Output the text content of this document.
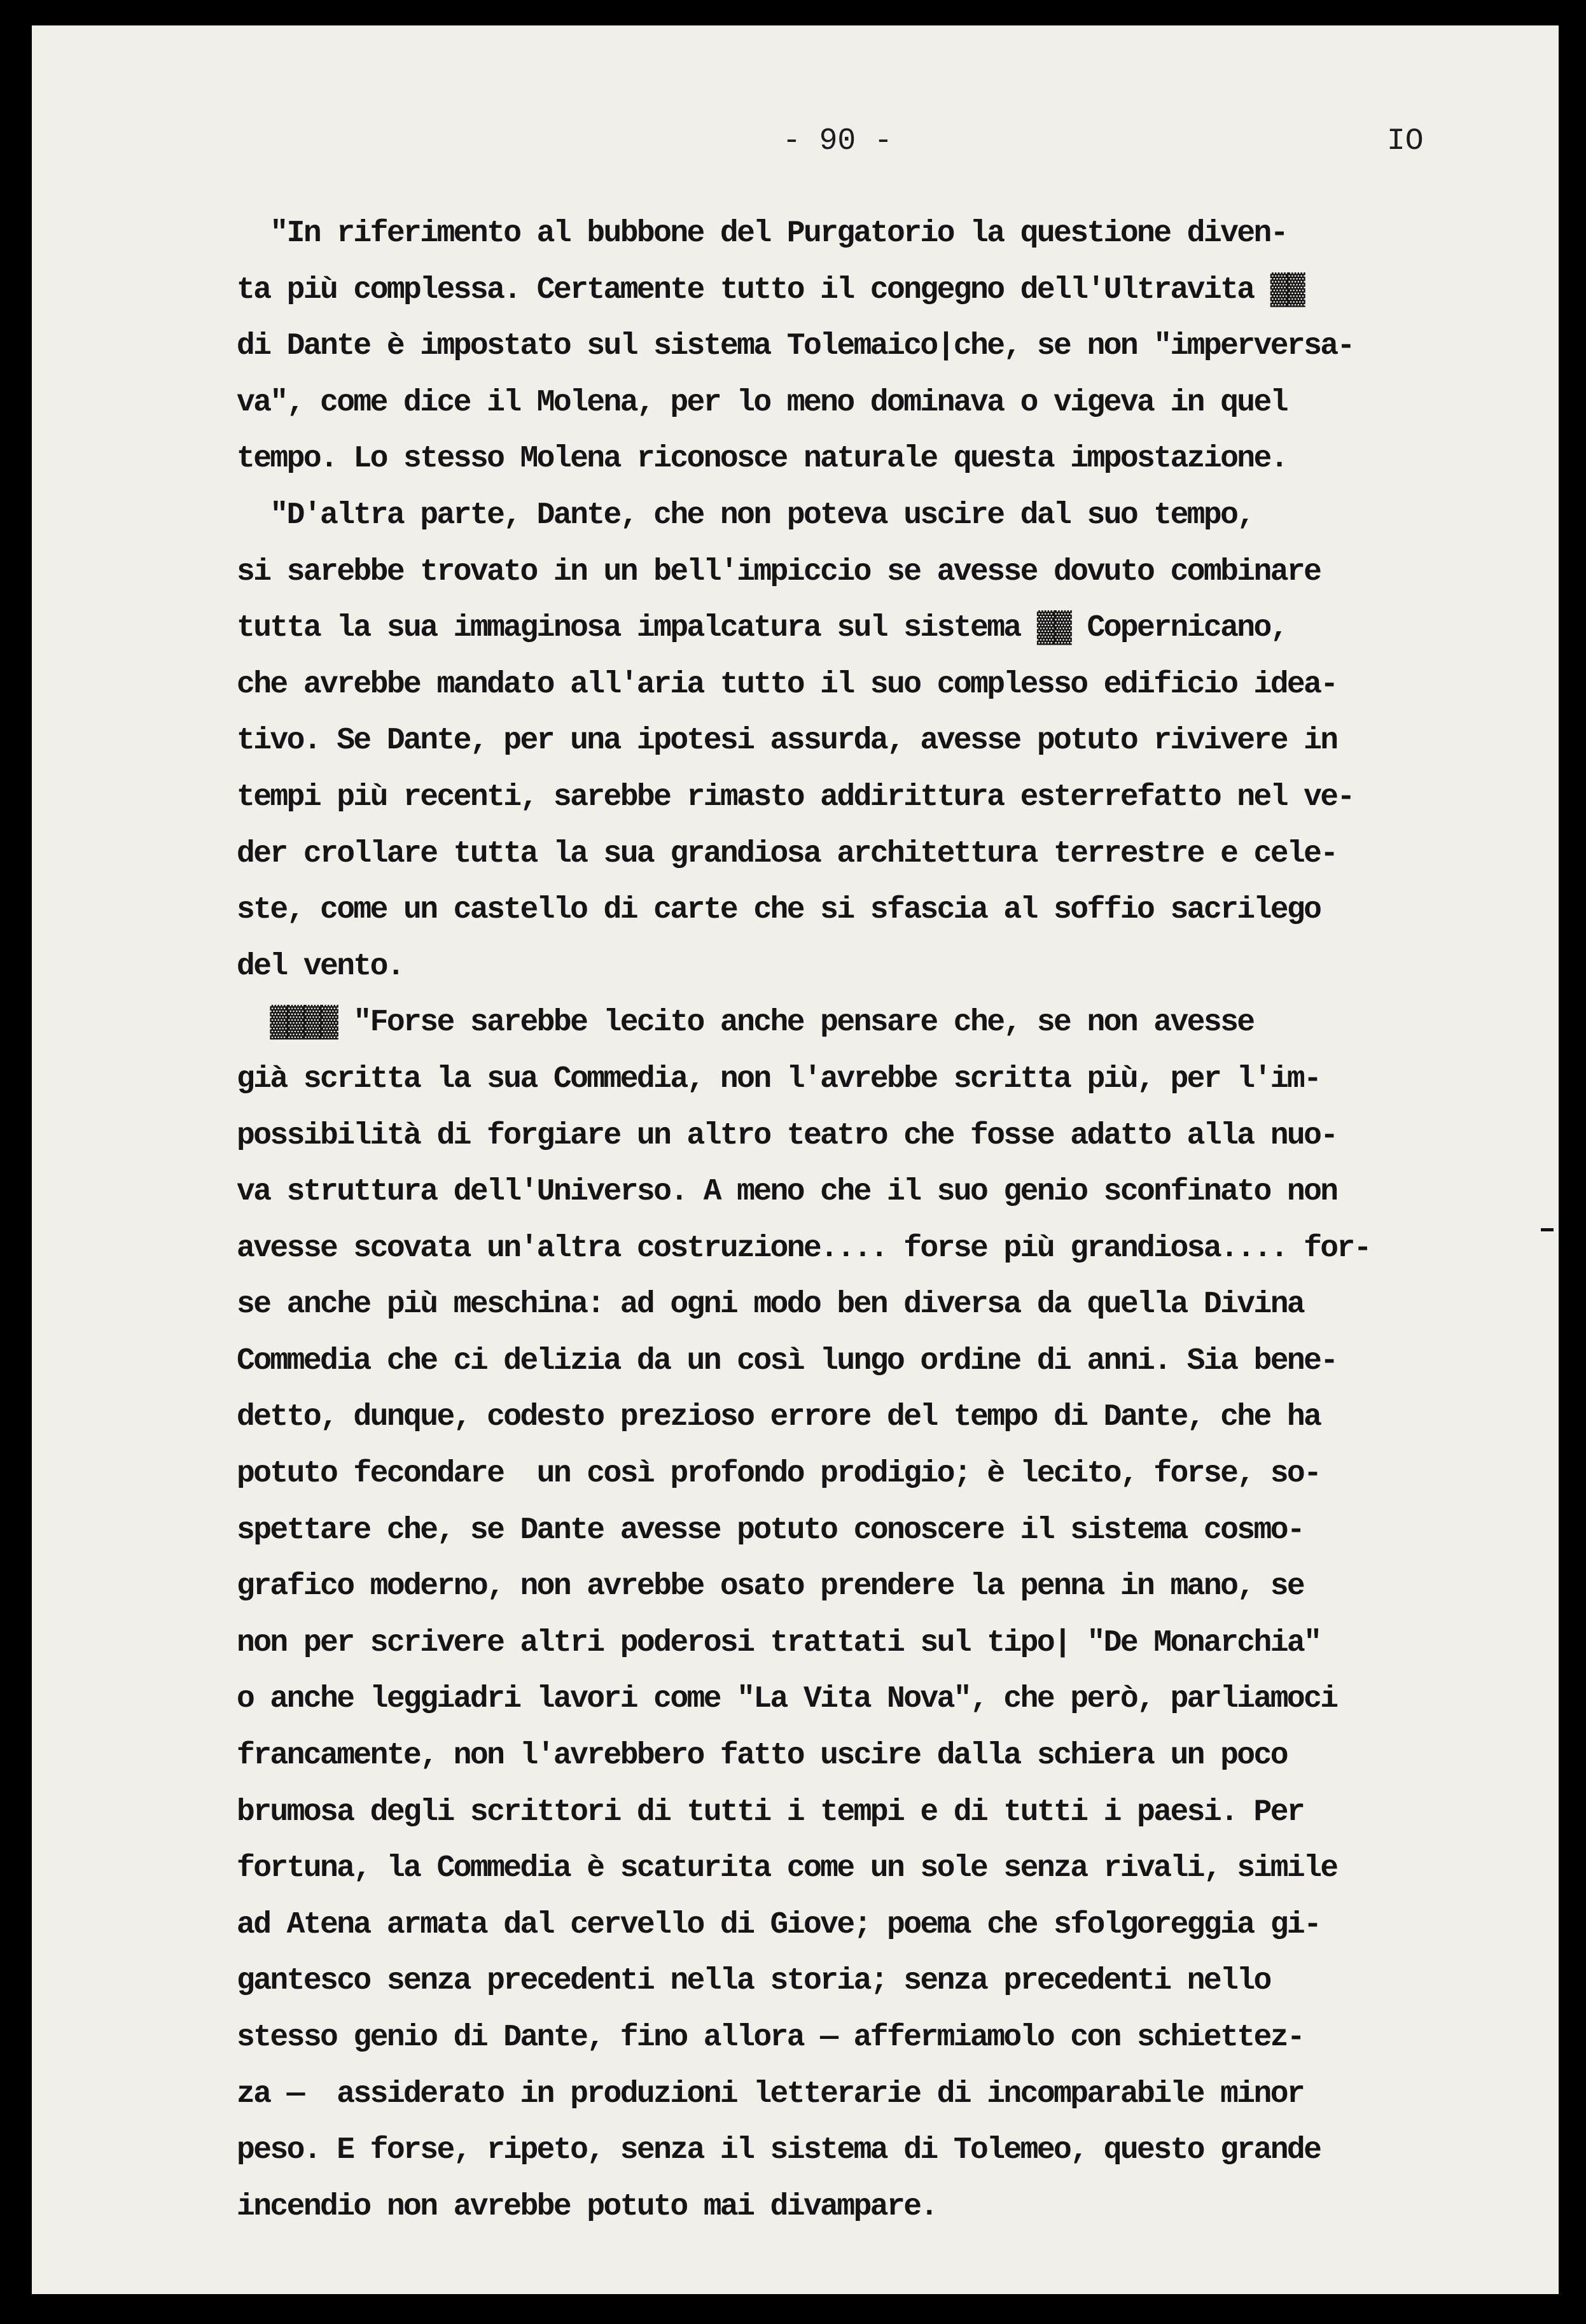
- 90 -	IO
"In riferimento al bubbone del Purgatorio la questione diven-
ta più complessa. Certamente tutto il congegno dell'Ultravita ▓▓
di Dante è impostato sul sistema Tolemaico|che, se non "imperversa-
va", come dice il Molena, per lo meno dominava o vigeva in quel
tempo. Lo stesso Molena riconosce naturale questa impostazione.
"D'altra parte, Dante, che non poteva uscire dal suo tempo,
si sarebbe trovato in un bell'impiccio se avesse dovuto combinare
tutta la sua immaginosa impalcatura sul sistema ▓▓ Copernicano,
che avrebbe mandato all'aria tutto il suo complesso edificio idea-
tivo. Se Dante, per una ipotesi assurda, avesse potuto rivivere in
tempi più recenti, sarebbe rimasto addirittura esterrefatto nel ve-
der crollare tutta la sua grandiosa architettura terrestre e cele-
ste, come un castello di carte che si sfascia al soffio sacrilego
del vento.
▓▓▓▓ "Forse sarebbe lecito anche pensare che, se non avesse
già scritta la sua Commedia, non l'avrebbe scritta più, per l'im-
possibilità di forgiare un altro teatro che fosse adatto alla nuo-
va struttura dell'Universo. A meno che il suo genio sconfinato non
avesse scovata un'altra costruzione.... forse più grandiosa.... for-
se anche più meschina: ad ogni modo ben diversa da quella Divina
Commedia che ci delizia da un così lungo ordine di anni. Sia bene-
detto, dunque, codesto prezioso errore del tempo di Dante, che ha
potuto fecondare  un così profondo prodigio; è lecito, forse, so-
spettare che, se Dante avesse potuto conoscere il sistema cosmo-
grafico moderno, non avrebbe osato prendere la penna in mano, se
non per scrivere altri poderosi trattati sul tipo| "De Monarchia"
o anche leggiadri lavori come "La Vita Nova", che però, parliamoci
francamente, non l'avrebbero fatto uscire dalla schiera un poco
brumosa degli scrittori di tutti i tempi e di tutti i paesi. Per
fortuna, la Commedia è scaturita come un sole senza rivali, simile
ad Atena armata dal cervello di Giove; poema che sfolgoreggia gi-
gantesco senza precedenti nella storia; senza precedenti nello
stesso genio di Dante, fino allora — affermiamolo con schiettez-
za —  assiderato in produzioni letterarie di incomparabile minor
peso. E forse, ripeto, senza il sistema di Tolemeo, questo grande
incendio non avrebbe potuto mai divampare.
